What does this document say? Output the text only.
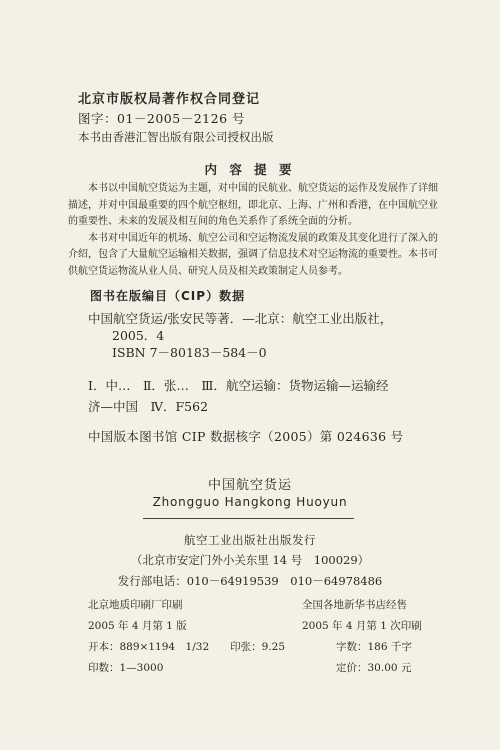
北京市版权局著作权合同登记
图字：01－2005－2126 号
本书由香港汇智出版有限公司授权出版
内 容 提 要

本书以中国航空货运为主题，对中国的民航业、航空货运的运作及发展作了详细描述，并对中国最重要的四个航空枢纽，即北京、上海、广州和香港，在中国航空业的重要性、未来的发展及相互间的角色关系作了系统全面的分析。

本书对中国近年的机场、航空公司和空运物流发展的政策及其变化进行了深入的介绍，包含了大量航空运输相关数据，强调了信息技术对空运物流的重要性。本书可供航空货运物流从业人员、研究人员及相关政策制定人员参考。

图书在版编目（CIP）数据
中国航空货运/张安民等著．—北京：航空工业出版社，
2005．4
ISBN 7－80183－584－0
Ⅰ．中…　Ⅱ．张…　Ⅲ．航空运输：货物运输—运输经
济—中国　Ⅳ．F562
中国版本图书馆 CIP 数据核字（2005）第 024636 号
中国航空货运
Zhongguo Hangkong Huoyun
航空工业出版社出版发行
（北京市安定门外小关东里 14 号　100029）
发行部电话：010－64919539　010－64978486
北京地质印刷厂印刷	全国各地新华书店经售
2005 年 4 月第 1 版	2005 年 4 月第 1 次印刷
开本：889×1194　1/32　　印张：9.25	字数：186 千字
印数：1—3000	定价：30.00 元
